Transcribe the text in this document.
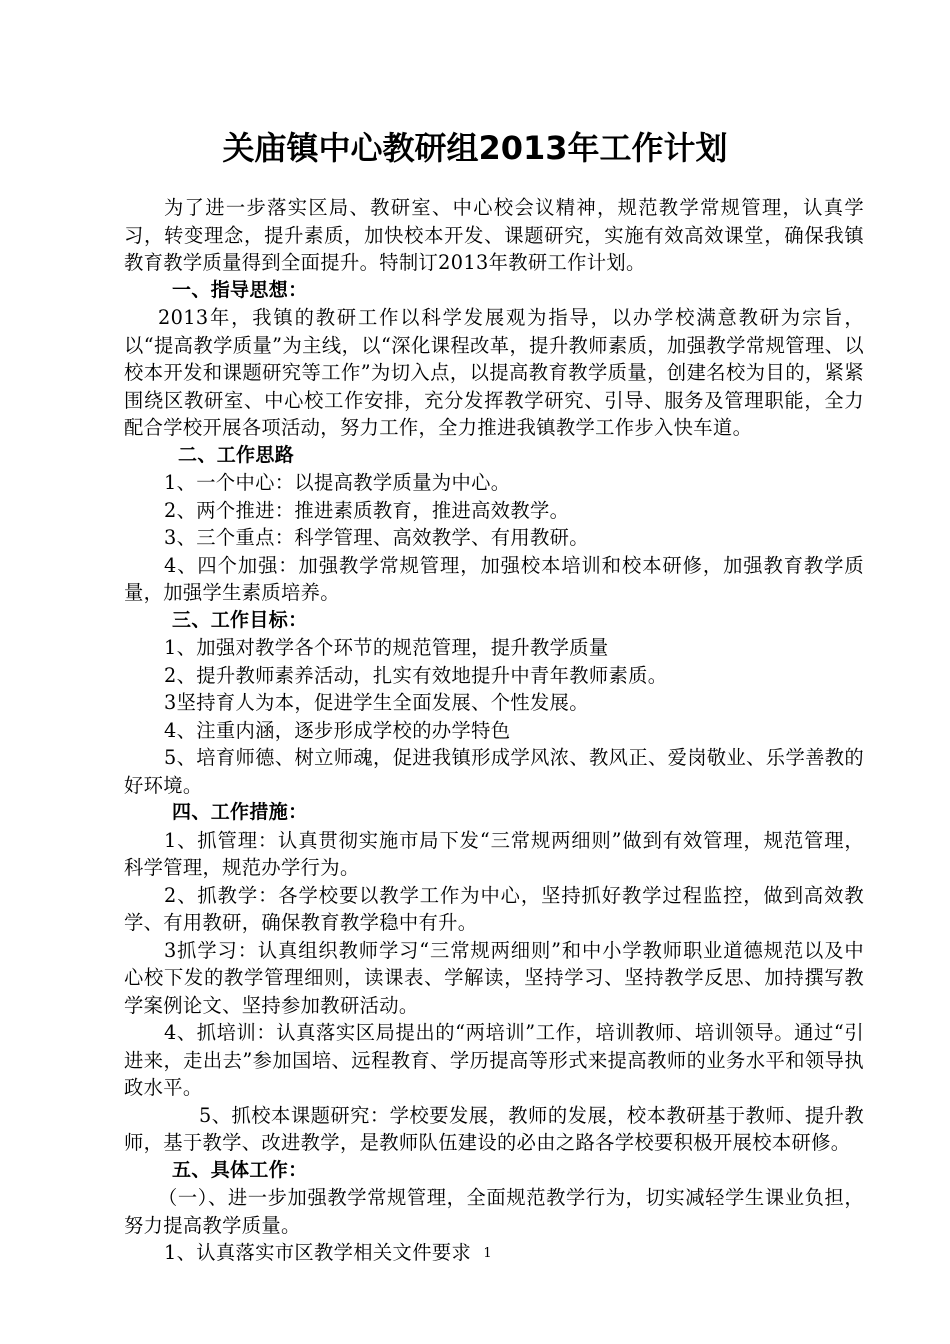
关庙镇中心教研组2013年工作计划

为了进一步落实区局、教研室、中心校会议精神，规范教学常规管理，认真学习，转变理念，提升素质，加快校本开发、课题研究，实施有效高效课堂，确保我镇教育教学质量得到全面提升。特制订2013年教研工作计划。

一、指导思想：

2013年，我镇的教研工作以科学发展观为指导，以办学校满意教研为宗旨，以“提高教学质量”为主线，以“深化课程改革，提升教师素质，加强教学常规管理、以校本开发和课题研究等工作”为切入点，以提高教育教学质量，创建名校为目的，紧紧围绕区教研室、中心校工作安排，充分发挥教学研究、引导、服务及管理职能，全力配合学校开展各项活动，努力工作，全力推进我镇教学工作步入快车道。

二、工作思路

1、一个中心：以提高教学质量为中心。

2、两个推进：推进素质教育，推进高效教学。

3、三个重点：科学管理、高效教学、有用教研。

4、四个加强：加强教学常规管理，加强校本培训和校本研修，加强教育教学质量，加强学生素质培养。

三、工作目标：

1、加强对教学各个环节的规范管理，提升教学质量

2、提升教师素养活动，扎实有效地提升中青年教师素质。

3坚持育人为本，促进学生全面发展、个性发展。

4、注重内涵，逐步形成学校的办学特色

5、培育师德、树立师魂，促进我镇形成学风浓、教风正、爱岗敬业、乐学善教的好环境。

四、工作措施：

1、抓管理：认真贯彻实施市局下发“三常规两细则”做到有效管理，规范管理，科学管理，规范办学行为。

2、抓教学：各学校要以教学工作为中心，坚持抓好教学过程监控，做到高效教学、有用教研，确保教育教学稳中有升。

3抓学习：认真组织教师学习“三常规两细则”和中小学教师职业道德规范以及中心校下发的教学管理细则，读课表、学解读，坚持学习、坚持教学反思、加持撰写教学案例论文、坚持参加教研活动。

4、抓培训：认真落实区局提出的“两培训”工作，培训教师、培训领导。通过“引进来，走出去”参加国培、远程教育、学历提高等形式来提高教师的业务水平和领导执政水平。

5、抓校本课题研究：学校要发展，教师的发展，校本教研基于教师、提升教师，基于教学、改进教学，是教师队伍建设的必由之路各学校要积极开展校本研修。

五、具体工作：

（一）、进一步加强教学常规管理，全面规范教学行为，切实减轻学生课业负担，努力提高教学质量。

1、认真落实市区教学相关文件要求 1
